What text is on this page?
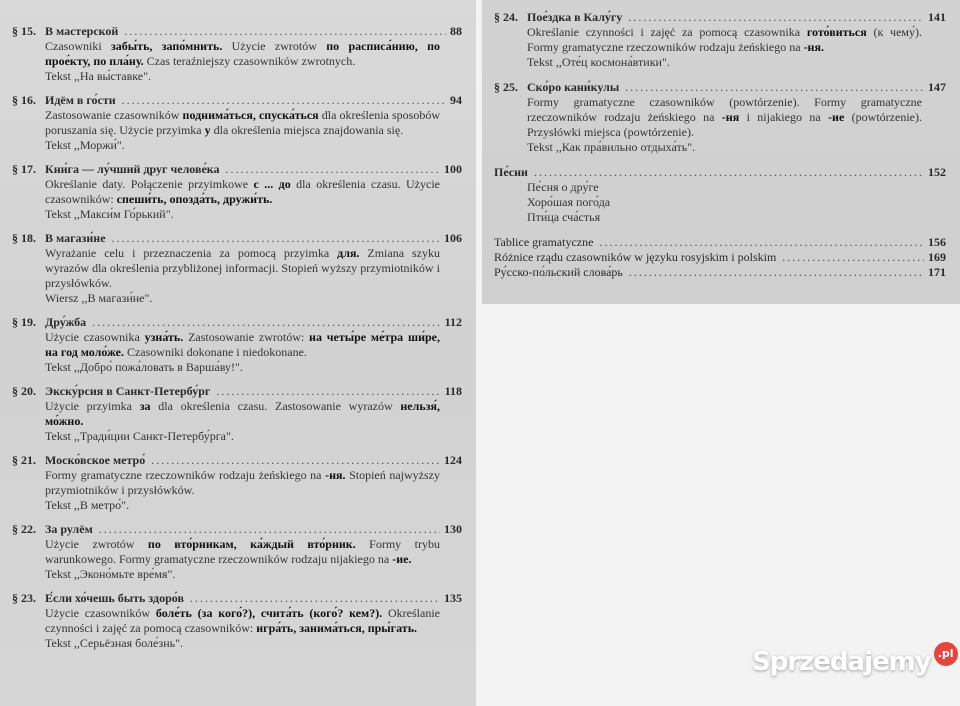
§ 15. В мастерской .....	88
Czasowniki забы́ть, запо́мнить. Użycie zwrotów по расписа́нию, по прое́кту, по пла́ну. Czas teraźniejszy czasowników zwrotnych.
Tekst ,,На вы́ставке".
§ 16. Идём в го́сти .....	94
Zastosowanie czasowników поднима́ться, спуска́ться dla określenia sposobów poruszania się. Użycie przyimka у dla określenia miejsca znajdowania się.
Tekst ,,Моржи́".
§ 17. Кни́га — лу́чший друг челове́ка .....	100
Określanie daty. Połączenie przyimkowe с ... до dla określenia czasu. Użycie czasowników: спеши́ть, опозда́ть, дружи́ть.
Tekst ,,Макси́м Го́рький".
§ 18. В магази́не .....	106
Wyrażanie celu i przeznaczenia za pomocą przyimka для. Zmiana szyku wyrazów dla określenia przybliżonej informacji. Stopień wyższy przymiotników i przysłówków.
Wiersz ,,В магази́не".
§ 19. Дру́жба .....	112
Użycie czasownika узна́ть. Zastosowanie zwrotów: на четы́ре ме́тра ши́ре, на год моло́же. Czasowniki dokonane i niedokonane.
Tekst ,,Добро́ пожа́ловать в Варша́ву!".
§ 20. Экску́рсия в Санкт-Петербу́рг .....	118
Użycie przyimka за dla określenia czasu. Zastosowanie wyrazów нельзя́, мо́жно.
Tekst ,,Тради́ции Санкт-Петербу́рга".
§ 21. Моско́вское метро́ .....	124
Formy gramatyczne rzeczowników rodzaju żeńskiego na -ня. Stopień najwyższy przymiotników i przysłówków.
Tekst ,,В метро́".
§ 22. За рулём .....	130
Użycie zwrotów по вто́рникам, ка́ждый вто́рник. Formy trybu warunkowego. Formy gramatyczne rzeczowników rodzaju nijakiego na -ие.
Tekst ,,Эконо́мьте вре́мя".
§ 23. Е́сли хо́чешь быть здоро́в .....	135
Użycie czasowników боле́ть (за кого́?), счита́ть (кого́? кем?). Określanie czynności i zajęć za pomocą czasowników: игра́ть, занима́ться, пры́гать.
Tekst ,,Серьёзная боле́знь".
§ 24. Пое́здка в Калу́гу .....	141
Określanie czynności i zajęć za pomocą czasownika гото́виться (к чему́). Formy gramatyczne rzeczowników rodzaju żeńskiego na -ня.
Tekst ,,Оте́ц космона́втики".
§ 25. Ско́ро кани́кулы .....	147
Formy gramatyczne czasowników (powtórzenie). Formy gramatyczne rzeczowników rodzaju żeńskiego na -ня i nijakiego na -ие (powtórzenie). Przysłówki miejsca (powtórzenie).
Tekst ,,Как пра́вильно отдыха́ть".
Пе́сни .....	152
Пе́сня о дру́ге
Хоро́шая пого́да
Пти́ца сча́стья
Tablice gramatyczne .....	156
Różnice rządu czasowników w języku rosyjskim i polskim .....	169
Ру́сско-по́льский слова́рь .....	171
Sprzedajemy .pl
